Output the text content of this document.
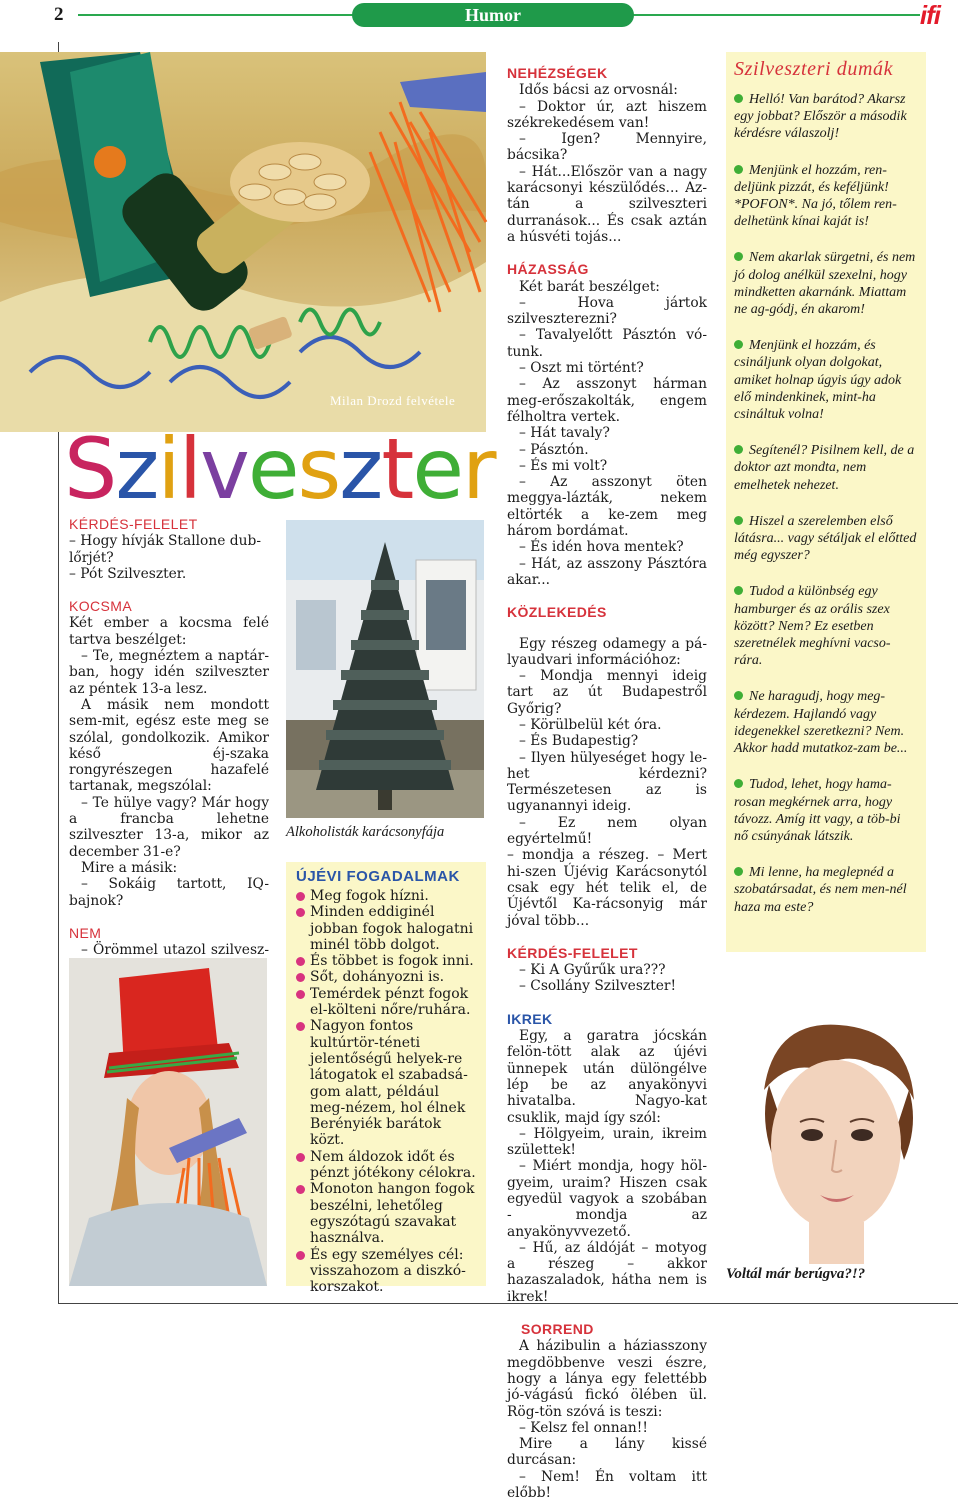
2	Humor	ifi
Milan Drozd felvétele
Szilveszter

KÉRDÉS-FELELET

– Hogy hívják Stallone dub-

lőrjét?

– Pót Szilveszter.

KOCSMA

Két ember a kocsma felé tartva beszélget:

– Te, megnéztem a naptár-ban, hogy idén szilveszter az péntek 13-a lesz.

A másik nem mondott sem-mit, egész este meg se szólal, gondolkozik. Amikor késő éj-szaka rongyrészegen hazafelé tartanak, megszólal:

– Te hülye vagy? Már hogy a francba lehetne szilveszter 13-a, mikor az december 31-e?

Mire a másik:

– Sokáig tartott, IQ-bajnok?

NEM

– Örömmel utazol szilvesz-

Alkoholisták karácsonyfája

ÚJÉVI FOGADALMAK

Meg fogok hízni.

Minden eddiginél jobban fogok halogatni minél több dolgot.

És többet is fogok inni.

Sőt, dohányozni is.

Temérdek pénzt fogok el-költeni nőre/ruhára.

Nagyon fontos kultúrtör-téneti jelentőségű helyek-re látogatok el szabadsá-gom alatt, például meg-nézem, hol élnek Berényiék barátok közt.

Nem áldozok időt és pénzt jótékony célokra.

Monoton hangon fogok beszélni, lehetőleg egyszótagú szavakat használva.

És egy személyes cél: visszahozom a diszkó-korszakot.

NEHÉZSÉGEK

Idős bácsi az orvosnál:

– Doktor úr, azt hiszem székrekedésem van!

– Igen? Mennyire, bácsika?

– Hát...Először van a nagy karácsonyi készülődés... Az-tán a szilveszteri durranások... És csak aztán a húsvéti tojás...

HÁZASSÁG

Két barát beszélget:

– Hova jártok szilveszterezni?

– Tavalyelőtt Pásztón vó-tunk.

– Oszt mi történt?

– Az asszonyt hárman meg-erőszakolták, engem félholtra vertek.

– Hát tavaly?

– Pásztón.

– És mi volt?

– Az asszonyt öten meggya-lázták, nekem eltörték a ke-zem meg három bordámat.

– És idén hova mentek?

– Hát, az asszony Pásztóra akar...

KÖZLEKEDÉS

Egy részeg odamegy a pá-lyaudvari információhoz:

– Mondja mennyi ideig tart az út Budapestről Győrig?

– Körülbelül két óra.

– És Budapestig?

– Ilyen hülyeséget hogy le-het kérdezni? Természetesen az is ugyanannyi ideig.

– Ez nem olyan egyértelmű!

– mondja a részeg. – Mert hi-szen Újévig Karácsonytól csak egy hét telik el, de Újévtől Ka-rácsonyig már jóval több...

KÉRDÉS-FELELET

– Ki A Gyűrűk ura???

– Csollány Szilveszter!

IKREK

Egy, a garatra jócskán felön-tött alak az újévi ünnepek után dülöngélve lép be az anyakönyvi hivatalba. Nagyo-kat csuklik, majd így szól:

– Hölgyeim, urain, ikreim születtek!

– Miért mondja, hogy höl-gyeim, uraim? Hiszen csak egyedül vagyok a szobában - mondja az anyakönyvvezető.

– Hű, az áldóját – motyog a részeg – akkor hazaszaladok, hátha nem is ikrek!

SORREND

A házibulin a háziasszony megdöbbenve veszi észre, hogy a lánya egy felettébb jó-vágású fickó ölében ül. Rög-tön szóvá is teszi:

– Kelsz fel onnan!!

Mire a lány kissé durcásan:

– Nem! Én voltam itt előbb!

Szilveszteri dumák

Helló! Van barátod? Akarsz egy jobbat? Először a második kérdésre válaszolj!

Menjünk el hozzám, ren-deljünk pizzát, és keféljünk! *POFON*. Na jó, tőlem ren-delhetünk kínai kaját is!

Nem akarlak sürgetni, és nem jó dolog anélkül szexelni, hogy mindketten akarnánk. Miattam ne ag-gódj, én akarom!

Menjünk el hozzám, és csináljunk olyan dolgokat, amiket holnap úgyis úgy adok elő mindenkinek, mint-ha csináltuk volna!

Segítenél? Pisilnem kell, de a doktor azt mondta, nem emelhetek nehezet.

Hiszel a szerelemben első látásra... vagy sétáljak el előtted még egyszer?

Tudod a különbség egy hamburger és az orális szex között? Nem? Ez esetben szeretnélek meghívni vacso-rára.

Ne haragudj, hogy meg-kérdezem. Hajlandó vagy idegenekkel szeretkezni? Nem. Akkor hadd mutatkoz-zam be...

Tudod, lehet, hogy hama-rosan megkérnek arra, hogy távozz. Amíg itt vagy, a töb-bi nő csúnyának látszik.

Mi lenne, ha meglepnéd a szobatársadat, és nem men-nél haza ma este?

Voltál már berúgva?!?
